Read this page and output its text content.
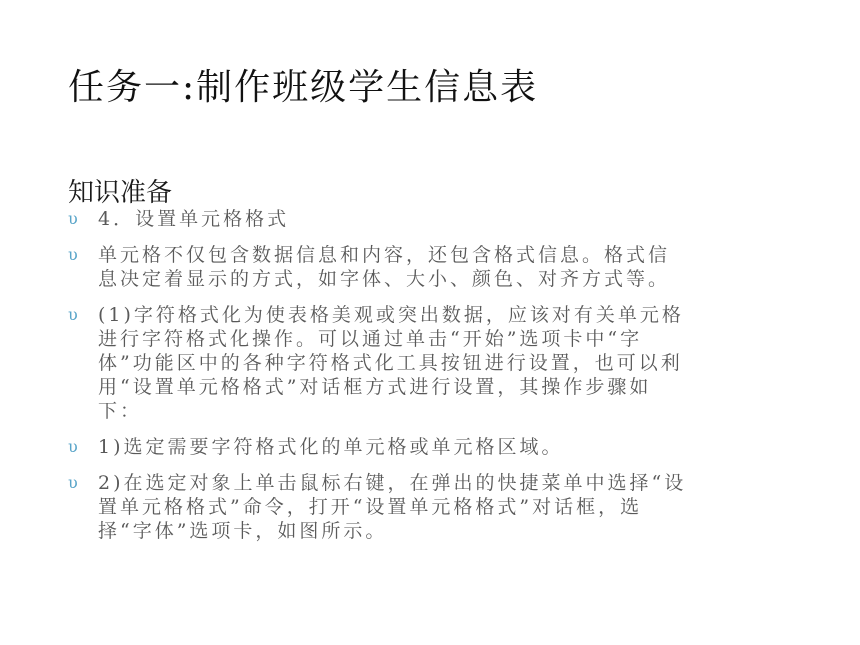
任务一:制作班级学生信息表
知识准备
υ	4．设置单元格格式
υ	单元格不仅包含数据信息和内容，还包含格式信息。格式信息决定着显示的方式，如字体、大小、颜色、对齐方式等。
υ	(1)字符格式化为使表格美观或突出数据，应该对有关单元格进行字符格式化操作。可以通过单击“开始”选项卡中“字体”功能区中的各种字符格式化工具按钮进行设置，也可以利用“设置单元格格式”对话框方式进行设置，其操作步骤如下：
υ	1)选定需要字符格式化的单元格或单元格区域。
υ	2)在选定对象上单击鼠标右键，在弹出的快捷菜单中选择“设置单元格格式”命令，打开“设置单元格格式”对话框，选择“字体”选项卡，如图所示。
